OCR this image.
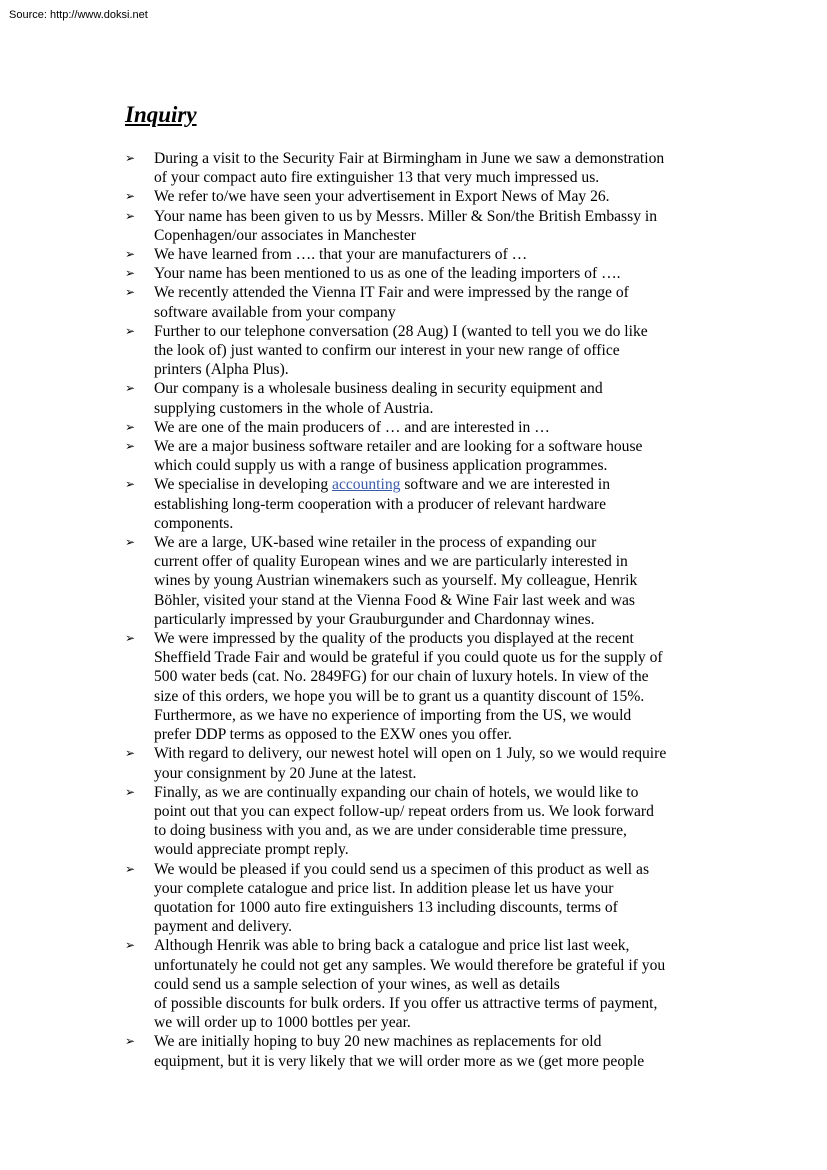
Source: http://www.doksi.net
Inquiry
➢ During a visit to the Security Fair at Birmingham in June we saw a demonstration
of your compact auto fire extinguisher 13 that very much impressed us.
➢ We refer to/we have seen your advertisement in Export News of May 26.
➢ Your name has been given to us by Messrs. Miller & Son/the British Embassy in
Copenhagen/our associates in Manchester
➢ We have learned from …. that your are manufacturers of …
➢ Your name has been mentioned to us as one of the leading importers of ….
➢ We recently attended the Vienna IT Fair and were impressed by the range of
software available from your company
➢ Further to our telephone conversation (28 Aug) I (wanted to tell you we do like
the look of) just wanted to confirm our interest in your new range of office
printers (Alpha Plus).
➢ Our company is a wholesale business dealing in security equipment and
supplying customers in the whole of Austria.
➢ We are one of the main producers of … and are interested in …
➢ We are a major business software retailer and are looking for a software house
which could supply us with a range of business application programmes.
➢ We specialise in developing accounting software and we are interested in
establishing long-term cooperation with a producer of relevant hardware
components.
➢ We are a large, UK-based wine retailer in the process of expanding our
current offer of quality European wines and we are particularly interested in
wines by young Austrian winemakers such as yourself. My colleague, Henrik
Böhler, visited your stand at the Vienna Food & Wine Fair last week and was
particularly impressed by your Grauburgunder and Chardonnay wines.
➢ We were impressed by the quality of the products you displayed at the recent
Sheffield Trade Fair and would be grateful if you could quote us for the supply of
500 water beds (cat. No. 2849FG) for our chain of luxury hotels. In view of the
size of this orders, we hope you will be to grant us a quantity discount of 15%.
Furthermore, as we have no experience of importing from the US, we would
prefer DDP terms as opposed to the EXW ones you offer.
➢ With regard to delivery, our newest hotel will open on 1 July, so we would require
your consignment by 20 June at the latest.
➢ Finally, as we are continually expanding our chain of hotels, we would like to
point out that you can expect follow-up/ repeat orders from us. We look forward
to doing business with you and, as we are under considerable time pressure,
would appreciate prompt reply.
➢ We would be pleased if you could send us a specimen of this product as well as
your complete catalogue and price list. In addition please let us have your
quotation for 1000 auto fire extinguishers 13 including discounts, terms of
payment and delivery.
➢ Although Henrik was able to bring back a catalogue and price list last week,
unfortunately he could not get any samples. We would therefore be grateful if you
could send us a sample selection of your wines, as well as details
of possible discounts for bulk orders. If you offer us attractive terms of payment,
we will order up to 1000 bottles per year.
➢ We are initially hoping to buy 20 new machines as replacements for old
equipment, but it is very likely that we will order more as we (get more people
